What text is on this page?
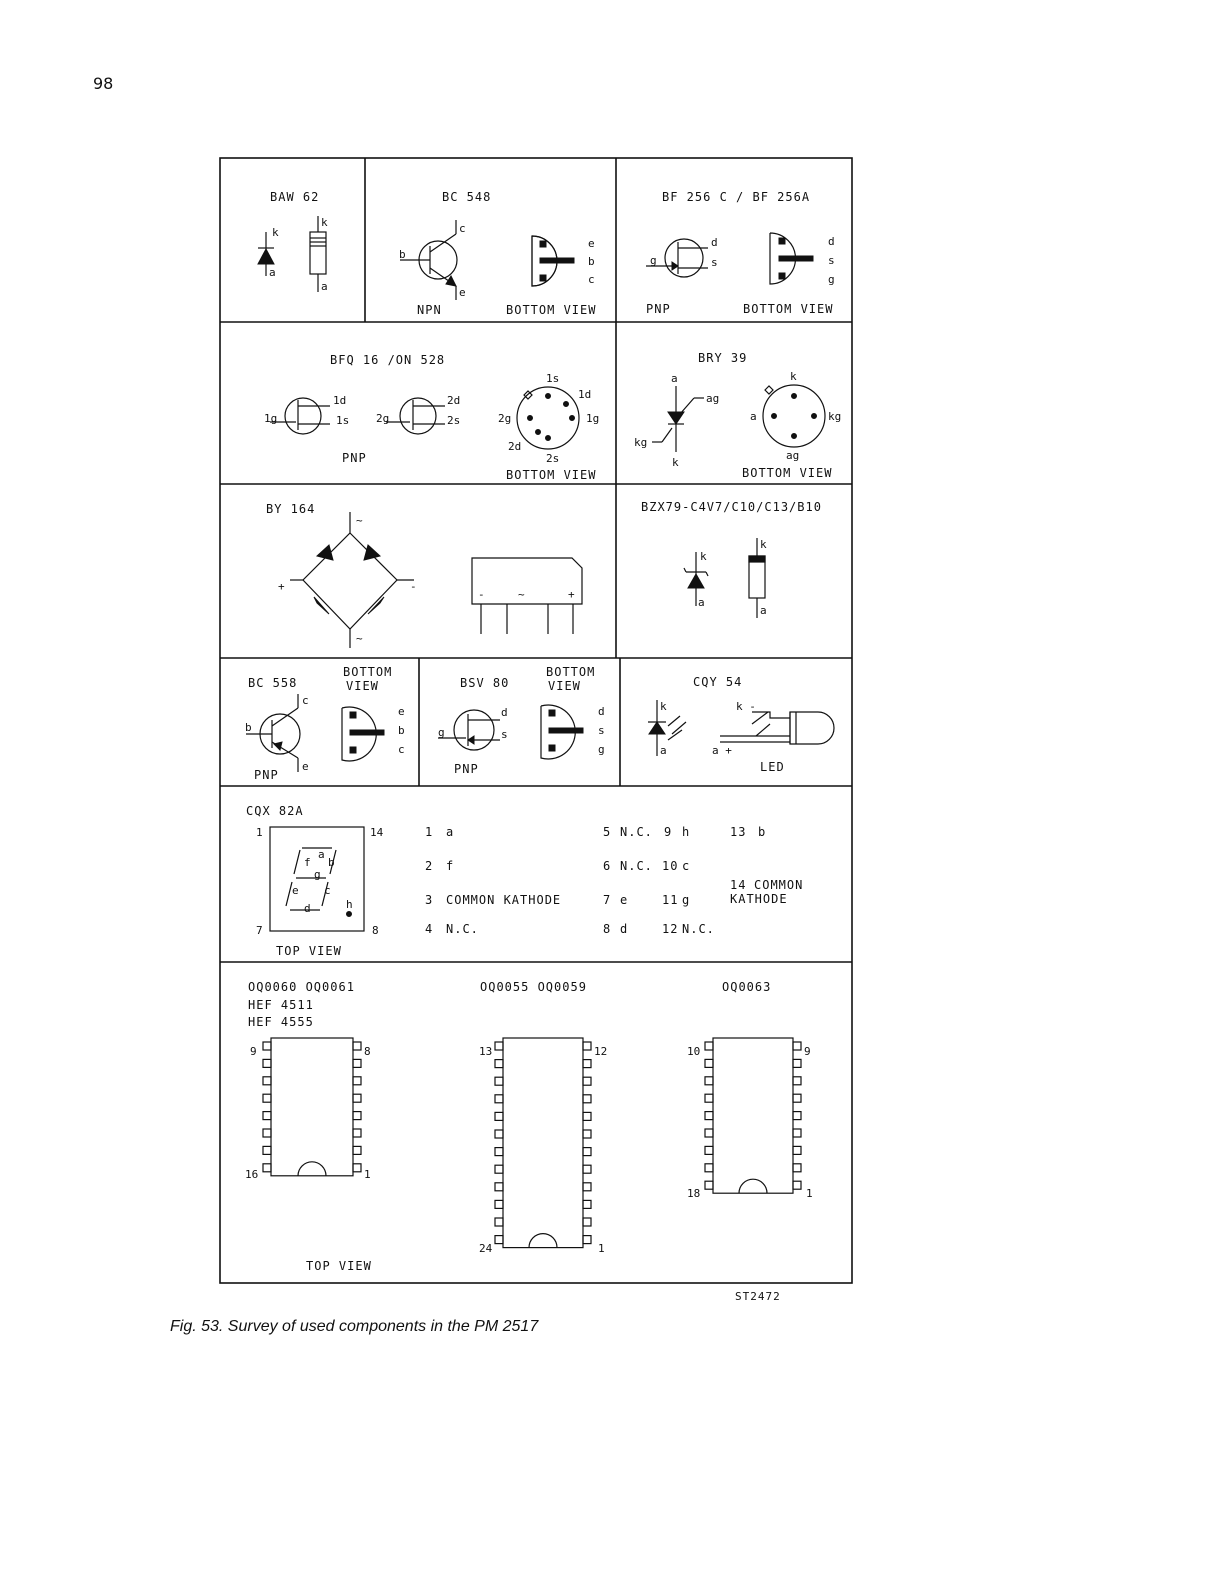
98
BAW 62
k
a
k
a
BC 548
b
c
e
e
b
c
NPN	BOTTOM VIEW
BF 256 C / BF 256A
g
d
s
d
s
g
PNP	BOTTOM VIEW
BFQ 16 /ON 528
1g
1d
1s 2g
2d
2s
PNP
1s
1d
1g
2g
2d
2s
BOTTOM VIEW
BRY 39
a
ag
kg
k
k
a	kg
ag
BOTTOM VIEW
BY 164
~
~
+	-
-	~	+
BZX79-C4V7/C10/C13/B10
k
a
k
a
BC 558
BOTTOM
VIEW
b
c
e
PNP
e
b
c
BSV 80
BOTTOM
VIEW
g
d
s
PNP
d
s
g
CQY 54
k
a
k -
a +
LED
CQX 82A
1	14
7	8
a
f b
g
e c
d	h
TOP VIEW
1 a
2 f
3 COMMON KATHODE
4 N.C.
5 N.C.
6 N.C.
7 e
8 d
9 h
10 c
11 g
12 N.C.
13 b
14 COMMON
KATHODE
OQ0060 OQ0061
HEF 4511
HEF 4555
OQ0055 OQ0059	OQ0063
9	8
16	1
13	12
24	1
10	9
18	1
TOP VIEW
ST2472
Fig. 53. Survey of used components in the PM 2517
